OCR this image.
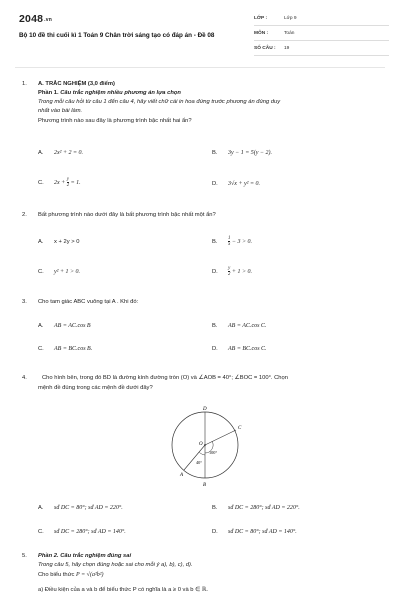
2048.vn
Bộ 10 đề thi cuối kì 1 Toán 9 Chân trời sáng tạo có đáp án - Đề 08
LỚP :	Lớp 9
MÔN :	Toán
SỐ CÂU : 19
1. A. TRẮC NGHIỆM (3,0 điểm)
Phần 1. Câu trắc nghiệm nhiều phương án lựa chọn
Trong mỗi câu hỏi từ câu 1 đến câu 4, hãy viết chữ cái in hoa đứng trước phương án đúng duy
nhất vào bài làm.
Phương trình nào sau đây là phương trình bậc nhất hai ẩn?
A. 2x² + 2 = 0.	B. 3y − 1 = 5(y − 2).
C. $2x + \frac{y}{2} = 1$.	D. 3√x + y² = 0.
2. Bất phương trình nào dưới đây là bất phương trình bậc nhất một ẩn?
A. x + 2y > 0	B. $\frac{1}{x} - 3 > 0$.
C. y² + 1 > 0.	D. $\frac{y}{2} + 1 > 0$.
3. Cho tam giác ABC vuông tại A . Khi đó:
A. AB = AC.cos B	B. AB = AC.cos C.
C. AB = BC.cos B.	D. AB = BC.cos C.
4.	Cho hình bên, trong đó BD là đường kính đường tròn (O) và ∠AOB = 40°; ∠BOC = 100°. Chọn
mệnh đề đúng trong các mệnh đề dưới đây?
D
C
O
A
B
100°
40°
A. sđ DC = 80°; sđ AD = 220°.	B. sđ DC = 280°; sđ AD = 220°.
C. sđ DC = 280°; sđ AD = 140°.	D. sđ DC = 80°; sđ AD = 140°.
5. Phần 2. Câu trắc nghiệm đúng sai
Trong câu 5, hãy chọn đúng hoặc sai cho mỗi ý a), b), c), d).
Cho biểu thức P = √(a²b²)
a) Điều kiện của a và b để biểu thức P có nghĩa là a ≥ 0 và b ∈ ℝ.
